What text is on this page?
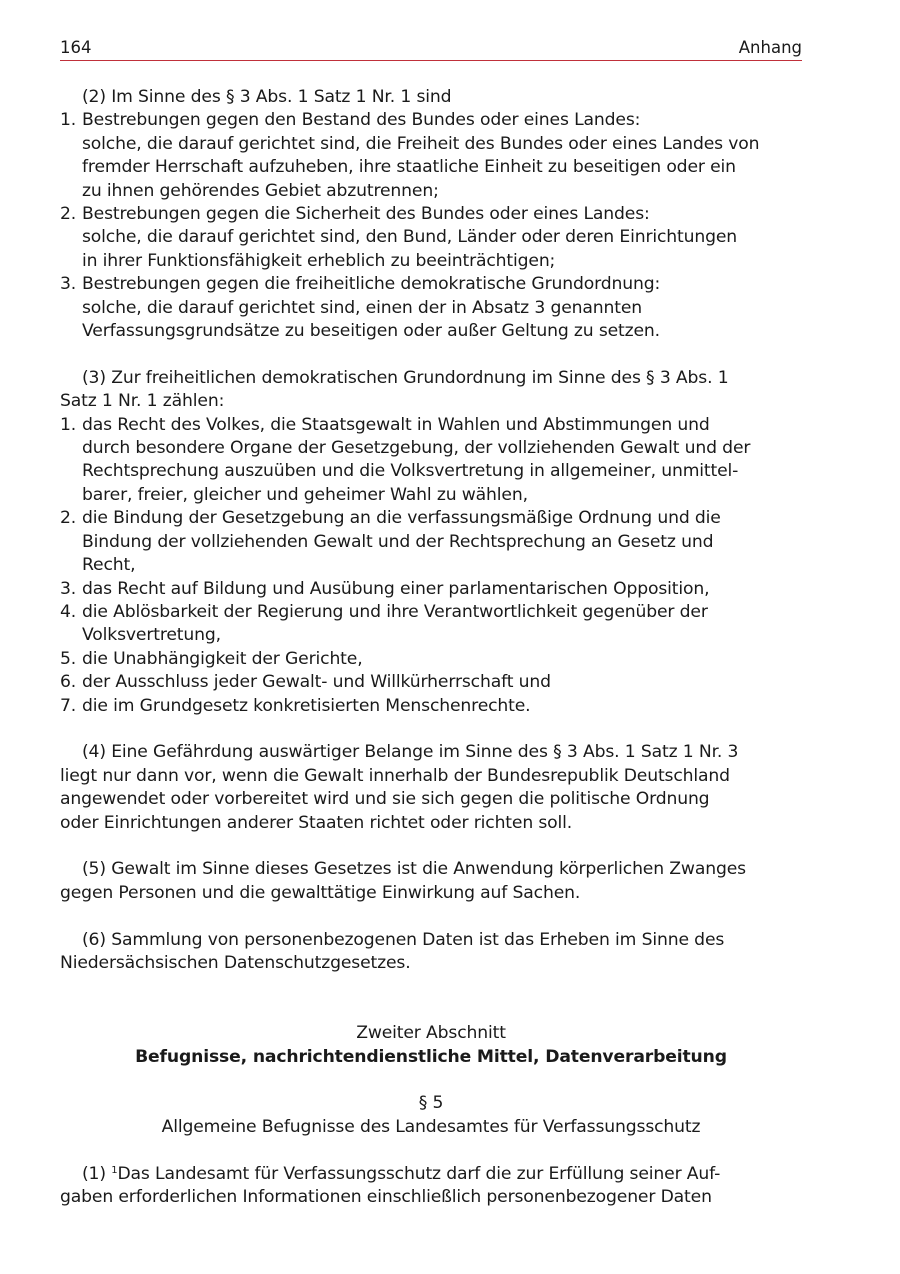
164	Anhang

(2) Im Sinne des § 3 Abs. 1 Satz 1 Nr. 1 sind

1. Bestrebungen gegen den Bestand des Bundes oder eines Landes:

solche, die darauf gerichtet sind, die Freiheit des Bundes oder eines Landes von

fremder Herrschaft aufzuheben, ihre staatliche Einheit zu beseitigen oder ein

zu ihnen gehörendes Gebiet abzutrennen;

2. Bestrebungen gegen die Sicherheit des Bundes oder eines Landes:

solche, die darauf gerichtet sind, den Bund, Länder oder deren Einrichtungen

in ihrer Funktionsfähigkeit erheblich zu beeinträchtigen;

3. Bestrebungen gegen die freiheitliche demokratische Grundordnung:

solche, die darauf gerichtet sind, einen der in Absatz 3 genannten

Verfassungsgrundsätze zu beseitigen oder außer Geltung zu setzen.

(3) Zur freiheitlichen demokratischen Grundordnung im Sinne des § 3 Abs. 1

Satz 1 Nr. 1 zählen:

1. das Recht des Volkes, die Staatsgewalt in Wahlen und Abstimmungen und

durch besondere Organe der Gesetzgebung, der vollziehenden Gewalt und der

Rechtsprechung auszuüben und die Volksvertretung in allgemeiner, unmittel-

barer, freier, gleicher und geheimer Wahl zu wählen,

2. die Bindung der Gesetzgebung an die verfassungsmäßige Ordnung und die

Bindung der vollziehenden Gewalt und der Rechtsprechung an Gesetz und

Recht,

3. das Recht auf Bildung und Ausübung einer parlamentarischen Opposition,

4. die Ablösbarkeit der Regierung und ihre Verantwortlichkeit gegenüber der

Volksvertretung,

5. die Unabhängigkeit der Gerichte,

6. der Ausschluss jeder Gewalt- und Willkürherrschaft und

7. die im Grundgesetz konkretisierten Menschenrechte.

(4) Eine Gefährdung auswärtiger Belange im Sinne des § 3 Abs. 1 Satz 1 Nr. 3

liegt nur dann vor, wenn die Gewalt innerhalb der Bundesrepublik Deutschland

angewendet oder vorbereitet wird und sie sich gegen die politische Ordnung

oder Einrichtungen anderer Staaten richtet oder richten soll.

(5) Gewalt im Sinne dieses Gesetzes ist die Anwendung körperlichen Zwanges

gegen Personen und die gewalttätige Einwirkung auf Sachen.

(6) Sammlung von personenbezogenen Daten ist das Erheben im Sinne des

Niedersächsischen Datenschutzgesetzes.

Zweiter Abschnitt

Befugnisse, nachrichtendienstliche Mittel, Datenverarbeitung

§ 5

Allgemeine Befugnisse des Landesamtes für Verfassungsschutz

(1) $^1$Das Landesamt für Verfassungsschutz darf die zur Erfüllung seiner Auf-

gaben erforderlichen Informationen einschließlich personenbezogener Daten
